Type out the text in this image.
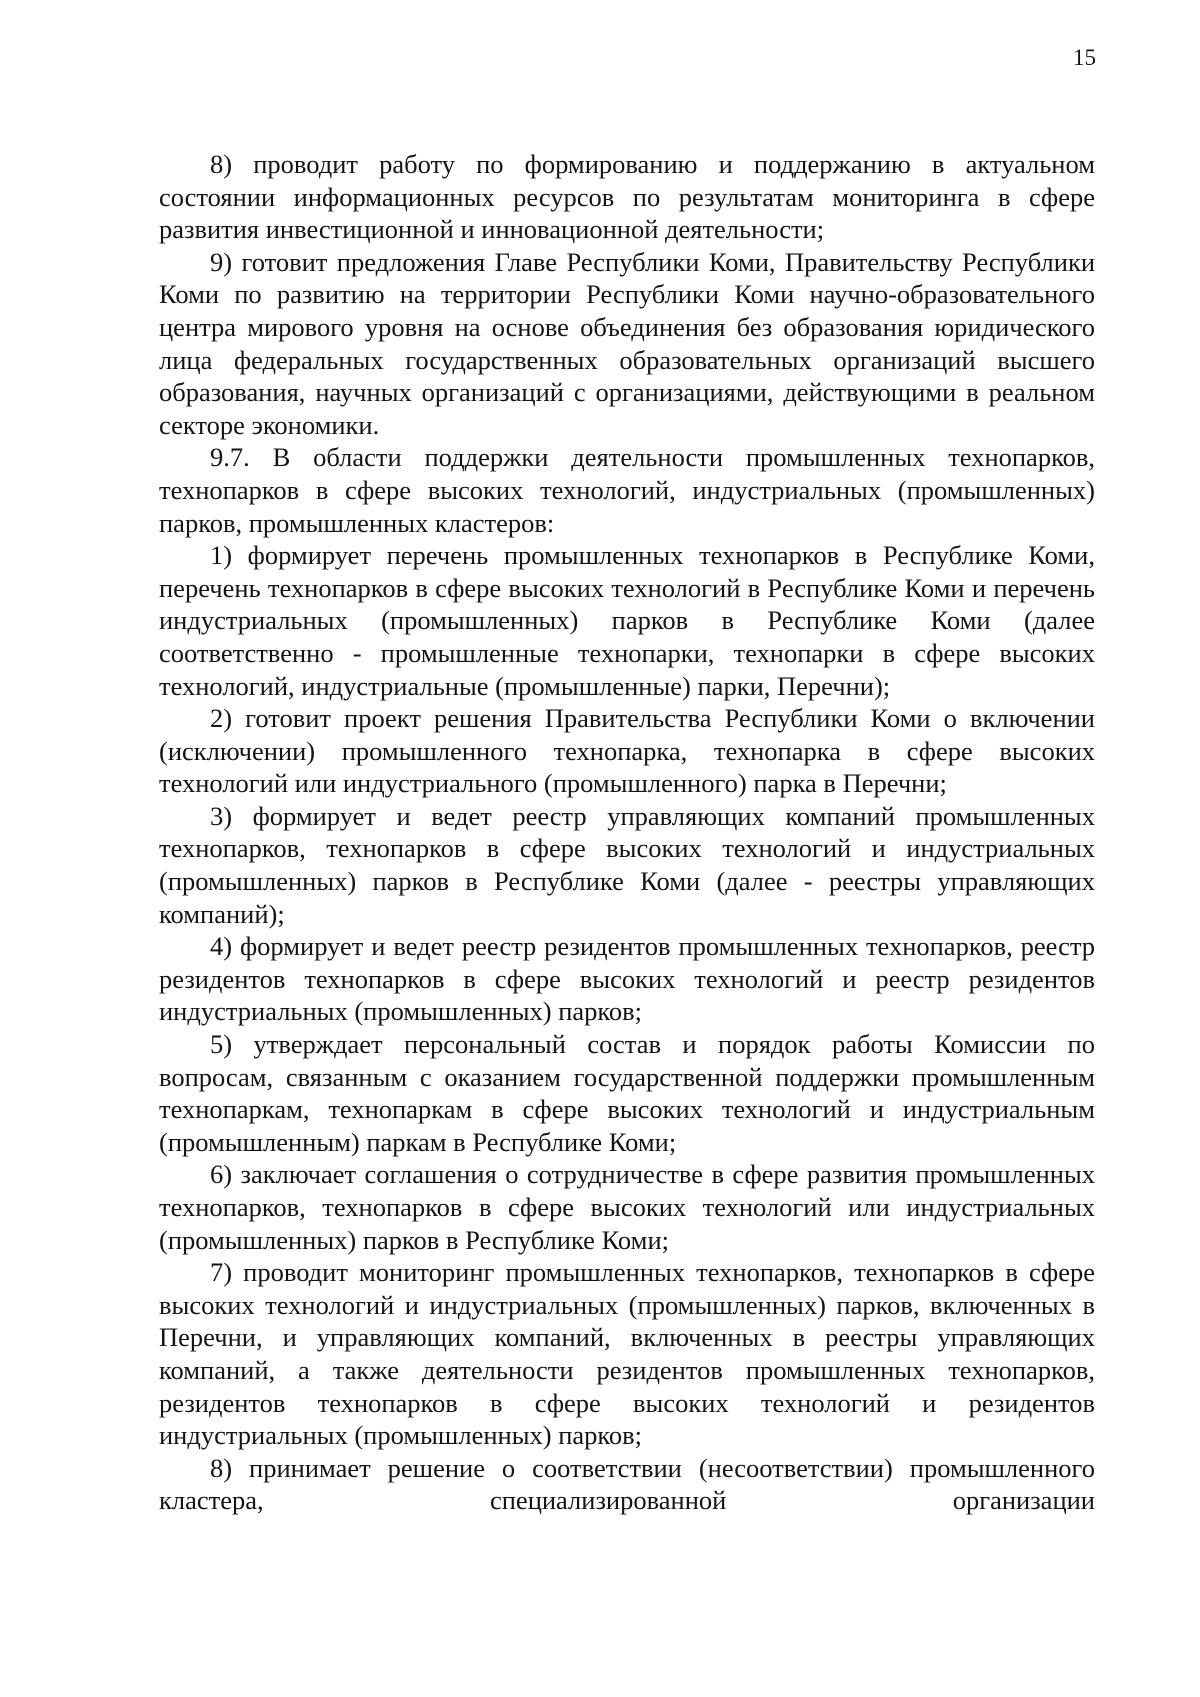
15

8) проводит работу по формированию и поддержанию в актуальном состоянии информационных ресурсов по результатам мониторинга в сфере развития инвестиционной и инновационной деятельности;

9) готовит предложения Главе Республики Коми, Правительству Республики Коми по развитию на территории Республики Коми научно-образовательного центра мирового уровня на основе объединения без образования юридического лица федеральных государственных образовательных организаций высшего образования, научных организаций с организациями, действующими в реальном секторе экономики.

9.7. В области поддержки деятельности промышленных технопарков, технопарков в сфере высоких технологий, индустриальных (промышленных) парков, промышленных кластеров:

1) формирует перечень промышленных технопарков в Республике Коми, перечень технопарков в сфере высоких технологий в Республике Коми и перечень индустриальных (промышленных) парков в Республике Коми (далее соответственно - промышленные технопарки, технопарки в сфере высоких технологий, индустриальные (промышленные) парки, Перечни);

2) готовит проект решения Правительства Республики Коми о включении (исключении) промышленного технопарка, технопарка в сфере высоких технологий или индустриального (промышленного) парка в Перечни;

3) формирует и ведет реестр управляющих компаний промышленных технопарков, технопарков в сфере высоких технологий и индустриальных (промышленных) парков в Республике Коми (далее - реестры управляющих компаний);

4) формирует и ведет реестр резидентов промышленных технопарков, реестр резидентов технопарков в сфере высоких технологий и реестр резидентов индустриальных (промышленных) парков;

5) утверждает персональный состав и порядок работы Комиссии по вопросам, связанным с оказанием государственной поддержки промышленным технопаркам, технопаркам в сфере высоких технологий и индустриальным (промышленным) паркам в Республике Коми;

6) заключает соглашения о сотрудничестве в сфере развития промышленных технопарков, технопарков в сфере высоких технологий или индустриальных (промышленных) парков в Республике Коми;

7) проводит мониторинг промышленных технопарков, технопарков в сфере высоких технологий и индустриальных (промышленных) парков, включенных в Перечни, и управляющих компаний, включенных в реестры управляющих компаний, а также деятельности резидентов промышленных технопарков, резидентов технопарков в сфере высоких технологий и резидентов индустриальных (промышленных) парков;

8) принимает решение о соответствии (несоответствии) промышленного кластера, специализированной организации
